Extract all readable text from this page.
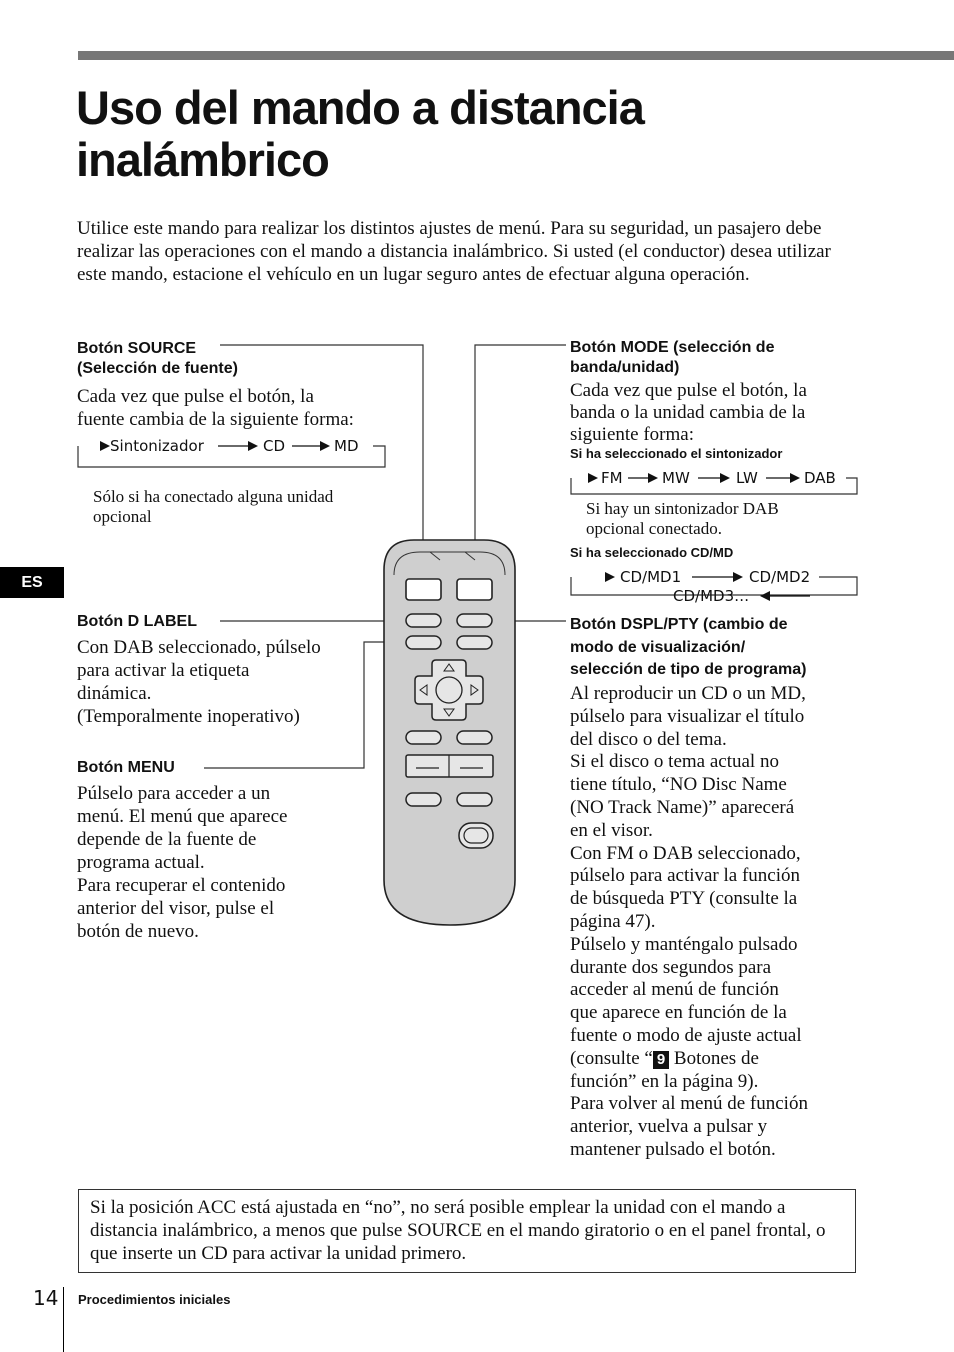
Uso del mando a distancia
inalámbrico
Utilice este mando para realizar los distintos ajustes de menú. Para su seguridad, un pasajero debe realizar las operaciones con el mando a distancia inalámbrico. Si usted (el conductor) desea utilizar este mando, estacione el vehículo en un lugar seguro antes de efectuar alguna operación.
Botón SOURCE
(Selección de fuente)
Cada vez que pulse el botón, la
fuente cambia de la siguiente forma:
Sintonizador	CD	MD
Sólo si ha conectado alguna unidad
opcional
Botón MODE (selección de
banda/unidad)
Cada vez que pulse el botón, la
banda o la unidad cambia de la
siguiente forma:
Si ha seleccionado el sintonizador
FM	MW	LW	DAB
Si hay un sintonizador DAB
opcional conectado.
Si ha seleccionado CD/MD
CD/MD1	CD/MD2
CD/MD3…
ES
Botón D LABEL
Con DAB seleccionado, púlselo
para activar la etiqueta
dinámica.
(Temporalmente inoperativo)
Botón MENU
Púlselo para acceder a un
menú. El menú que aparece
depende de la fuente de
programa actual.
Para recuperar el contenido
anterior del visor, pulse el
botón de nuevo.
Botón DSPL/PTY (cambio de
modo de visualización/
selección de tipo de programa)
Al reproducir un CD o un MD,
púlselo para visualizar el título
del disco o del tema.
Si el disco o tema actual no
tiene título, “NO Disc Name
(NO Track Name)” aparecerá
en el visor.
Con FM o DAB seleccionado,
púlselo para activar la función
de búsqueda PTY (consulte la
página 47).
Púlselo y manténgalo pulsado
durante dos segundos para
acceder al menú de función
que aparece en función de la
fuente o modo de ajuste actual
(consulte “ 9 Botones de
función” en la página 9).
Para volver al menú de función
anterior, vuelva a pulsar y
mantener pulsado el botón.
Si la posición ACC está ajustada en “no”, no será posible emplear la unidad con el mando a distancia inalámbrico, a menos que pulse SOURCE en el mando giratorio o en el panel frontal, o que inserte un CD para activar la unidad primero.
14 Procedimientos iniciales
